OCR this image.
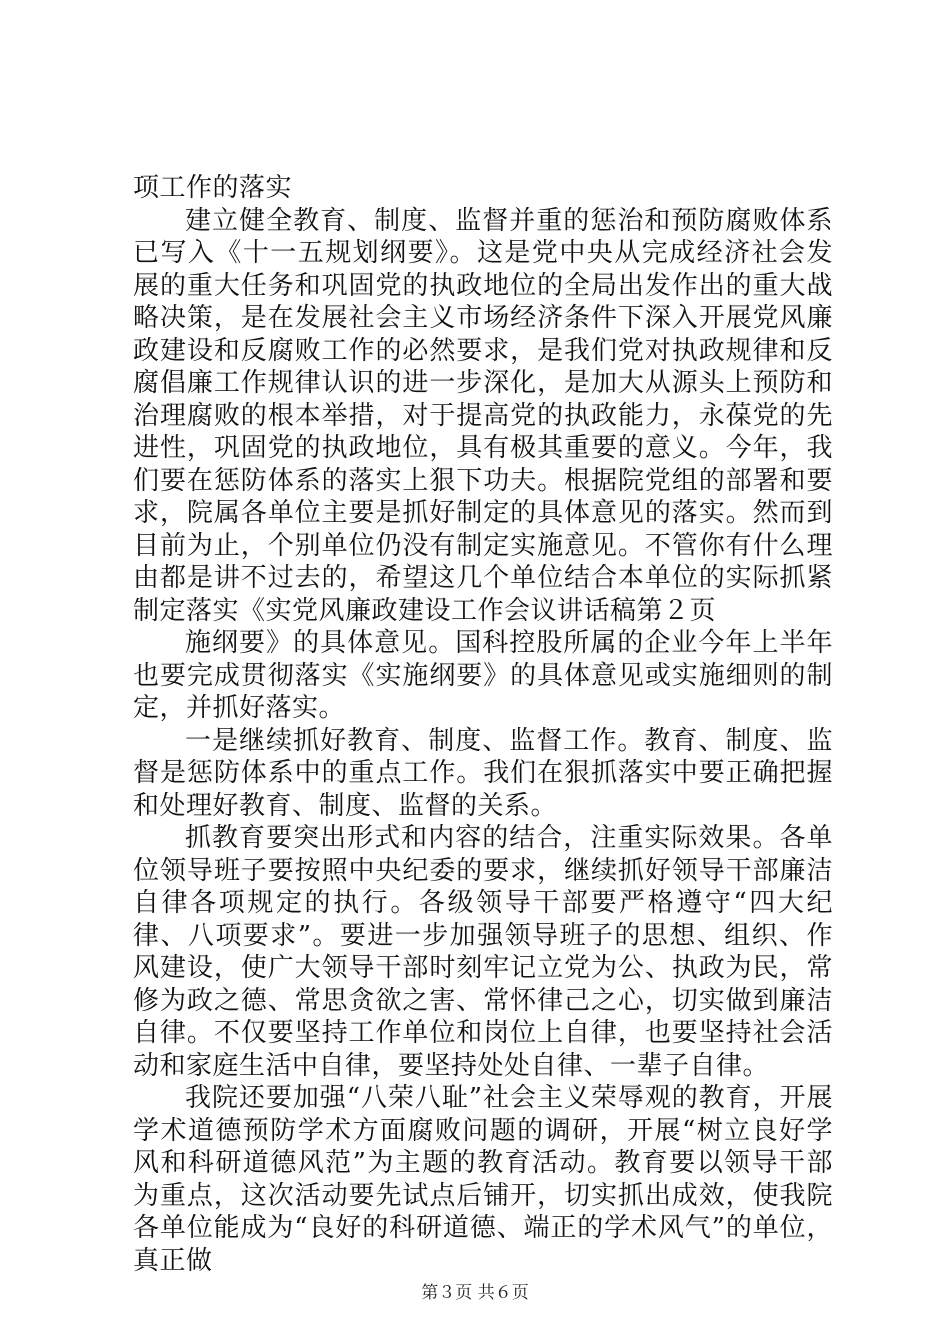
项工作的落实

建立健全教育、制度、监督并重的惩治和预防腐败体系已写入《十一五规划纲要》。这是党中央从完成经济社会发展的重大任务和巩固党的执政地位的全局出发作出的重大战略决策，是在发展社会主义市场经济条件下深入开展党风廉政建设和反腐败工作的必然要求，是我们党对执政规律和反腐倡廉工作规律认识的进一步深化，是加大从源头上预防和治理腐败的根本举措，对于提高党的执政能力，永葆党的先进性，巩固党的执政地位，具有极其重要的意义。今年，我们要在惩防体系的落实上狠下功夫。根据院党组的部署和要求，院属各单位主要是抓好制定的具体意见的落实。然而到目前为止，个别单位仍没有制定实施意见。不管你有什么理由都是讲不过去的，希望这几个单位结合本单位的实际抓紧制定落实《实党风廉政建设工作会议讲话稿第２页

施纲要》的具体意见。国科控股所属的企业今年上半年也要完成贯彻落实《实施纲要》的具体意见或实施细则的制定，并抓好落实。

一是继续抓好教育、制度、监督工作。教育、制度、监督是惩防体系中的重点工作。我们在狠抓落实中要正确把握和处理好教育、制度、监督的关系。

抓教育要突出形式和内容的结合，注重实际效果。各单位领导班子要按照中央纪委的要求，继续抓好领导干部廉洁自律各项规定的执行。各级领导干部要严格遵守“四大纪律、八项要求”。要进一步加强领导班子的思想、组织、作风建设，使广大领导干部时刻牢记立党为公、执政为民，常修为政之德、常思贪欲之害、常怀律己之心，切实做到廉洁自律。不仅要坚持工作单位和岗位上自律，也要坚持社会活动和家庭生活中自律，要坚持处处自律、一辈子自律。

我院还要加强“八荣八耻”社会主义荣辱观的教育，开展学术道德预防学术方面腐败问题的调研，开展“树立良好学风和科研道德风范”为主题的教育活动。教育要以领导干部为重点，这次活动要先试点后铺开，切实抓出成效，使我院各单位能成为“良好的科研道德、端正的学术风气”的单位，真正做

第３页 共６页
